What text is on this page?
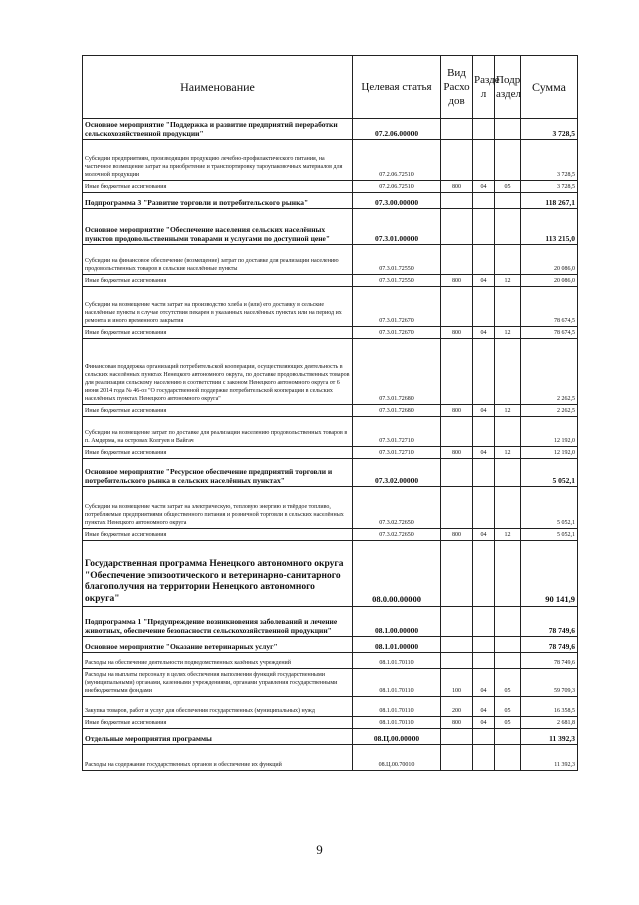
Наименование	Целевая статья	Вид Расхо дов	Разде л	Подр аздел	Сумма
Основное мероприятие "Поддержка и развитие предприятий переработки сельскохозяйственной продукции"	07.2.06.00000				3 728,5
Субсидии предприятиям, производящим продукцию лечебно-профилактического питания, на частичное возмещение затрат на приобретение и транспортировку тароупаковочных материалов для молочной продукции	07.2.06.72510				3 728,5
Иные бюджетные ассигнования	07.2.06.72510	800	04	05	3 728,5
Подпрограмма 3 "Развитие торговли и потребительского рынка"	07.3.00.00000				118 267,1
Основное мероприятие "Обеспечение населения сельских населённых пунктов продовольственными товарами и услугами по доступной цене"	07.3.01.00000				113 215,0
Субсидии на финансовое обеспечение (возмещение) затрат по доставке для реализации населению продовольственных товаров в сельские населённые пункты	07.3.01.72550				20 086,0
Иные бюджетные ассигнования	07.3.01.72550	800	04	12	20 086,0
Субсидии на возмещение части затрат на производство хлеба и (или) его доставку в сельские населённые пункты в случае отсутствия пекарен в указанных населённых пунктах или на период их ремонта и иного временного закрытия	07.3.01.72670				78 674,5
Иные бюджетные ассигнования	07.3.01.72670	800	04	12	78 674,5
Финансовая поддержка организаций потребительской кооперации, осуществляющих деятельность в сельских населённых пунктах Ненецкого автономного округа, по доставке продовольственных товаров для реализации сельскому населению в соответствии с законом Ненецкого автономного округа от 6 июня 2014 года № 46-оз "О государственной поддержке потребительской кооперации в сельских населённых пунктах Ненецкого автономного округа"	07.3.01.72680				2 262,5
Иные бюджетные ассигнования	07.3.01.72680	800	04	12	2 262,5
Субсидии на возмещение затрат по доставке для реализации населению продовольственных товаров в п. Амдерма, на островах Колгуев и Вайгач	07.3.01.72710				12 192,0
Иные бюджетные ассигнования	07.3.01.72710	800	04	12	12 192,0
Основное мероприятие "Ресурсное обеспечение предприятий торговли и потребительского рынка в сельских населённых пунктах"	07.3.02.00000				5 052,1
Субсидии на возмещение части затрат на электрическую, тепловую энергию и твёрдое топливо, потребляемые предприятиями общественного питания и розничной торговли в сельских населённых пунктах Ненецкого автономного округа	07.3.02.72650				5 052,1
Иные бюджетные ассигнования	07.3.02.72650	800	04	12	5 052,1
Государственная программа Ненецкого автономного округа "Обеспечение эпизоотического и ветеринарно-санитарного благополучия на территории Ненецкого автономного округа"	08.0.00.00000				90 141,9
Подпрограмма 1 "Предупреждение возникновения заболеваний и лечение животных, обеспечение безопасности сельскохозяйственной продукции"	08.1.00.00000				78 749,6
Основное мероприятие "Оказание ветеринарных услуг"	08.1.01.00000				78 749,6
Расходы на обеспечение деятельности подведомственных казённых учреждений	08.1.01.70110				78 749,6
Расходы на выплаты персоналу в целях обеспечения выполнения функций государственными (муниципальными) органами, казенными учреждениями, органами управления государственными внебюджетными фондами	08.1.01.70110	100	04	05	59 709,3
Закупка товаров, работ и услуг для обеспечения государственных (муниципальных) нужд	08.1.01.70110	200	04	05	16 358,5
Иные бюджетные ассигнования	08.1.01.70110	800	04	05	2 681,8
Отдельные мероприятия программы	08.Ц.00.00000				11 392,3
Расходы на содержание государственных органов и обеспечение их функций	08.Ц.00.70010				11 392,3
9
